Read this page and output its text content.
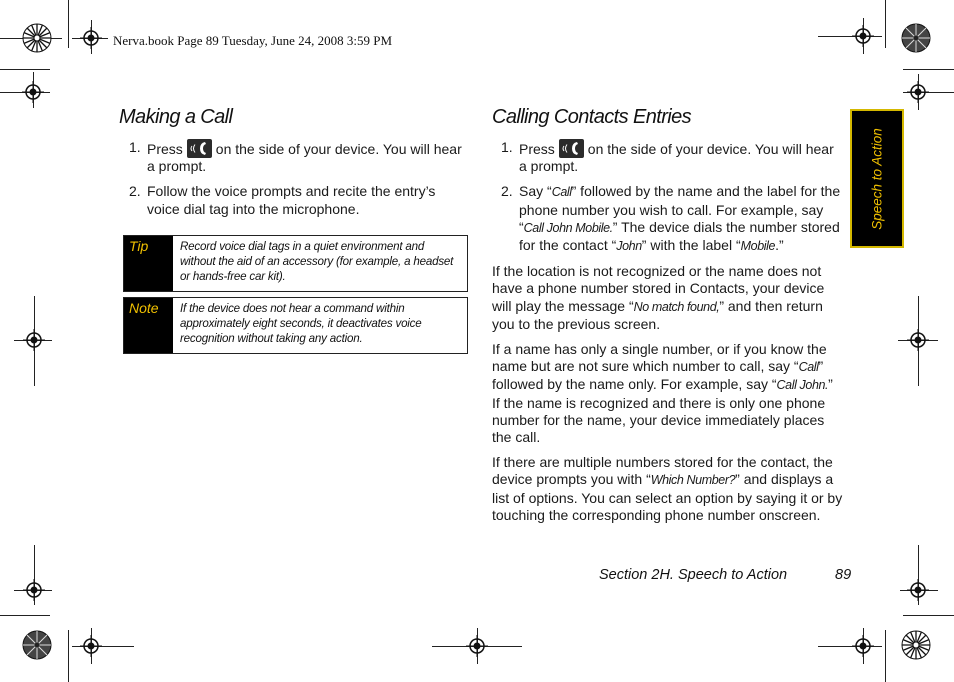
Nerva.book Page 89 Tuesday, June 24, 2008 3:59 PM
Making a Call
1. Press on the side of your device. You will hear a prompt.
2. Follow the voice prompts and recite the entry’s voice dial tag into the microphone.
Tip	Record voice dial tags in a quiet environment and without the aid of an accessory (for example, a headset or hands-free car kit).
Note	If the device does not hear a command within approximately eight seconds, it deactivates voice recognition without taking any action.
Calling Contacts Entries
1. Press on the side of your device. You will hear a prompt.
2. Say “Call” followed by the name and the label for the phone number you wish to call. For example, say “Call John Mobile.” The device dials the number stored for the contact “John” with the label “Mobile.”

If the location is not recognized or the name does not have a phone number stored in Contacts, your device will play the message “No match found,” and then return you to the previous screen.

If a name has only a single number, or if you know the name but are not sure which number to call, say “Call” followed by the name only. For example, say “Call John.” If the name is recognized and there is only one phone number for the name, your device immediately places the call.

If there are multiple numbers stored for the contact, the device prompts you with “Which Number?” and displays a list of options. You can select an option by saying it or by touching the corresponding phone number onscreen.

Speech to Action
Section 2H. Speech to Action	89
